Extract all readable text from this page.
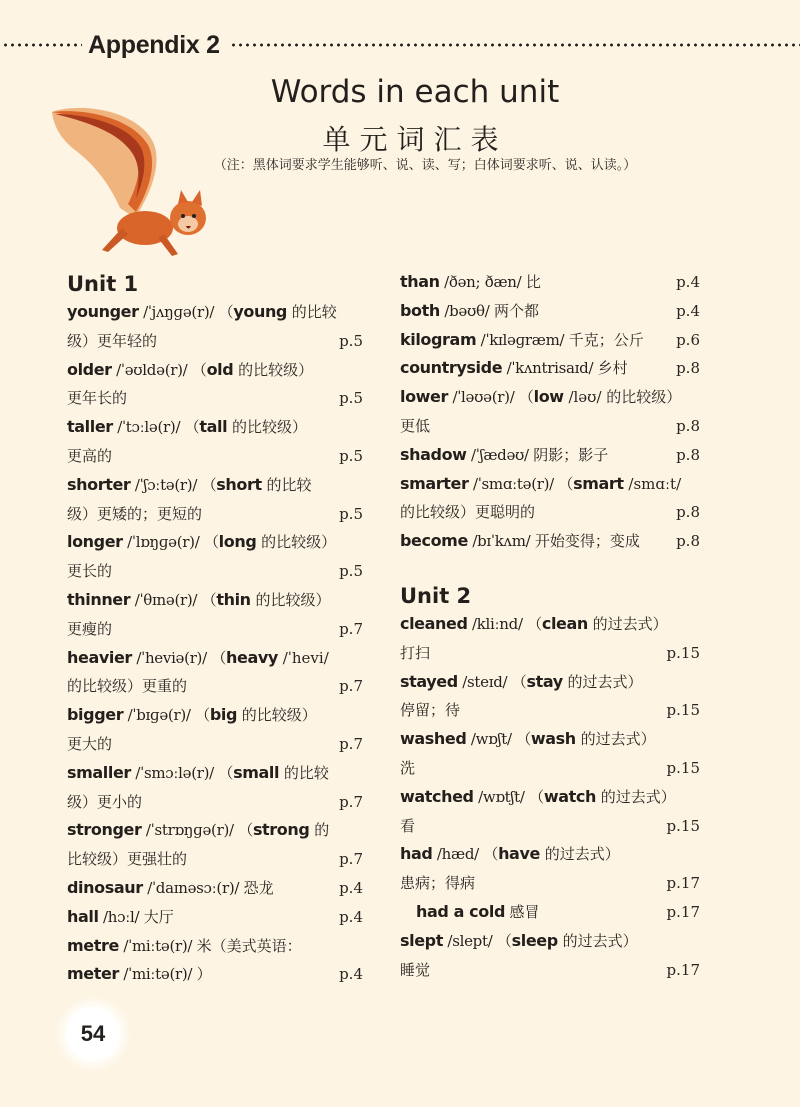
Appendix 2
Words in each unit
单元词汇表
（注：黑体词要求学生能够听、说、读、写；白体词要求听、说、认读。）
Unit 1
younger /ˈjʌŋɡə(r)/ （young 的比较
级）更年轻的	p.5
older /ˈəʊldə(r)/ （old 的比较级）
更年长的	p.5
taller /ˈtɔːlə(r)/ （tall 的比较级）
更高的	p.5
shorter /ˈʃɔːtə(r)/ （short 的比较
级）更矮的；更短的	p.5
longer /ˈlɒŋɡə(r)/ （long 的比较级）
更长的	p.5
thinner /ˈθɪnə(r)/ （thin 的比较级）
更瘦的	p.7
heavier /ˈheviə(r)/ （heavy /ˈhevi/
的比较级）更重的	p.7
bigger /ˈbɪɡə(r)/ （big 的比较级）
更大的	p.7
smaller /ˈsmɔːlə(r)/ （small 的比较
级）更小的	p.7
stronger /ˈstrɒŋɡə(r)/ （strong 的
比较级）更强壮的	p.7
dinosaur /ˈdaɪnəsɔː(r)/ 恐龙	p.4
hall /hɔːl/ 大厅	p.4
metre /ˈmiːtə(r)/ 米（美式英语：
meter /ˈmiːtə(r)/ ）	p.4
than /ðən; ðæn/ 比	p.4
both /bəʊθ/ 两个都	p.4
kilogram /ˈkɪləɡræm/ 千克；公斤 p.6
countryside /ˈkʌntrisaɪd/ 乡村	p.8
lower /ˈləʊə(r)/ （low /ləʊ/ 的比较级）
更低	p.8
shadow /ˈʃædəʊ/ 阴影；影子	p.8
smarter /ˈsmɑːtə(r)/ （smart /smɑːt/
的比较级）更聪明的	p.8
become /bɪˈkʌm/ 开始变得；变成 p.8
Unit 2
cleaned /kliːnd/ （clean 的过去式）
打扫	p.15
stayed /steɪd/ （stay 的过去式）
停留；待	p.15
washed /wɒʃt/ （wash 的过去式）
洗	p.15
watched /wɒtʃt/ （watch 的过去式）
看	p.15
had /hæd/ （have 的过去式）
患病；得病	p.17
had a cold 感冒	p.17
slept /slept/ （sleep 的过去式）
睡觉	p.17
54
